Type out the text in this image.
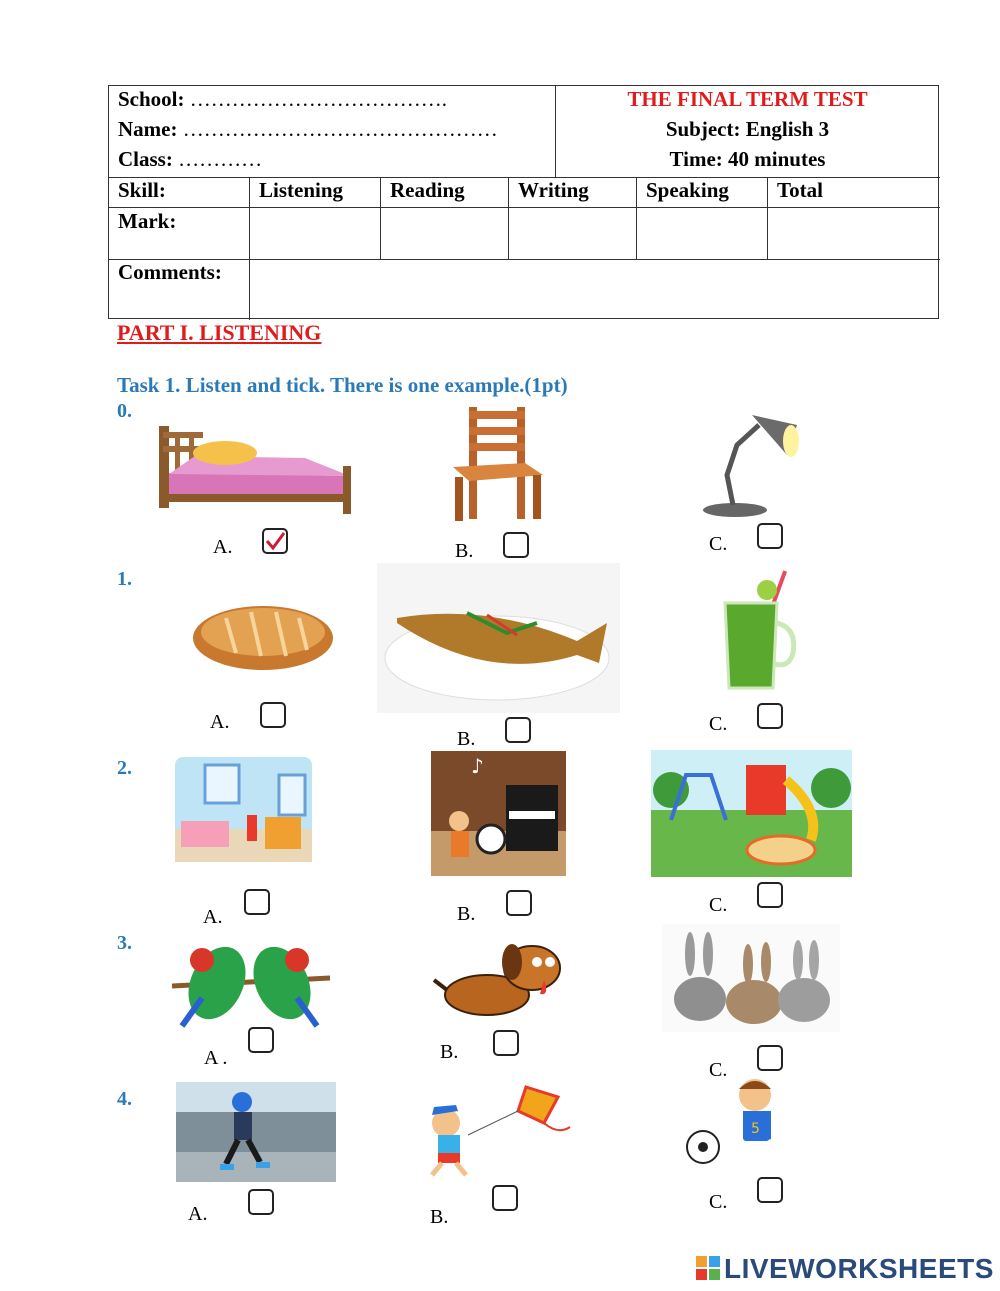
School: ……………………………….
Name: ………………………………………
Class: …………
THE FINAL TERM TEST
Subject: English 3
Time: 40 minutes
Skill:	Listening Reading	Writing	Speaking Total
Mark:
Comments:
PART I. LISTENING
Task 1. Listen and tick. There is one example.(1pt)
0.
A.	B.	C.
1.
A.
B.
C.
2.	♪
A.	B.	C.
3.
A .	B.
C.
4.
5
A.	B.
C.
LIVEWORKSHEETS
